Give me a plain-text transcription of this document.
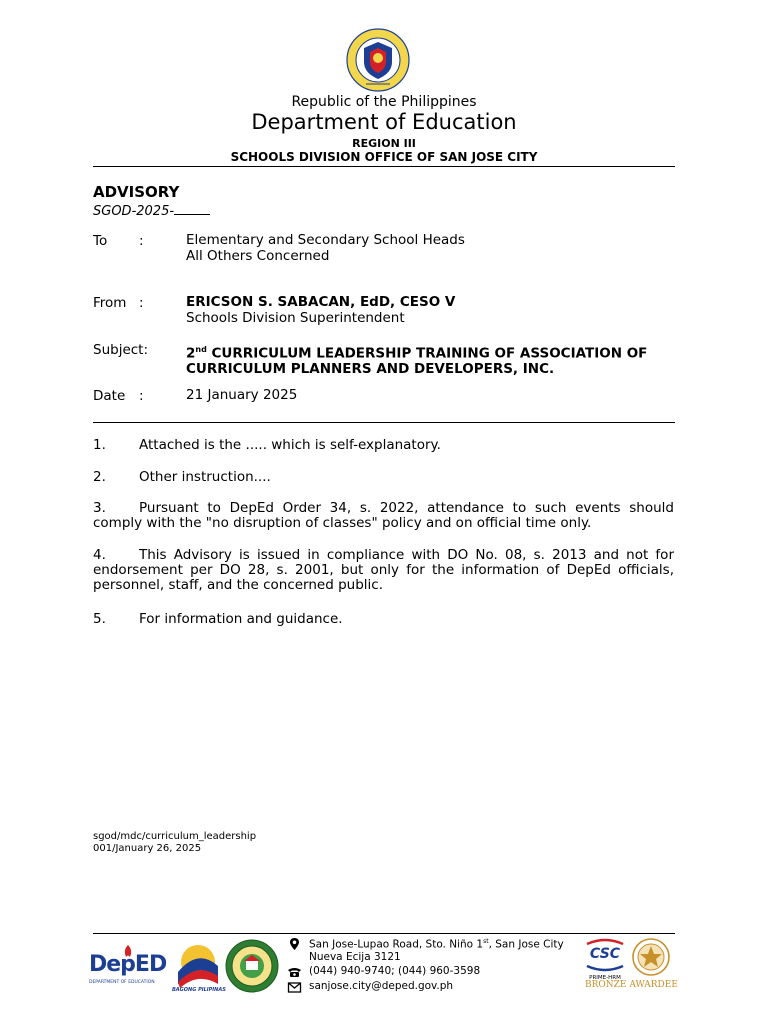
Republic of the Philippines
Department of Education
REGION III
SCHOOLS DIVISION OFFICE OF SAN JOSE CITY
ADVISORY
SGOD-2025-
To :	Elementary and Secondary School Heads
All Others Concerned
From :	ERICSON S. SABACAN, EdD, CESO V
Schools Division Superintendent
Subject:	2nd CURRICULUM LEADERSHIP TRAINING OF ASSOCIATION OF
CURRICULUM PLANNERS AND DEVELOPERS, INC.
Date :	21 January 2025
1. Attached is the ..... which is self-explanatory.
2. Other instruction....
3. Pursuant to DepEd Order 34, s. 2022, attendance to such events should comply with the "no disruption of classes" policy and on official time only.
4. This Advisory is issued in compliance with DO No. 08, s. 2013 and not for endorsement per DO 28, s. 2001, but only for the information of DepEd officials, personnel, staff, and the concerned public.
5. For information and guidance.
sgod/mdc/curriculum_leadership
001/January 26, 2025
DepED
DEPARTMENT OF EDUCATION
BAGONG PILIPINAS
San Jose-Lupao Road, Sto. Niño 1st, San Jose City
Nueva Ecija 3121
(044) 940-9740; (044) 960-3598
sanjose.city@deped.gov.ph
CSC
PRIME-HRM
BRONZE AWARDEE
